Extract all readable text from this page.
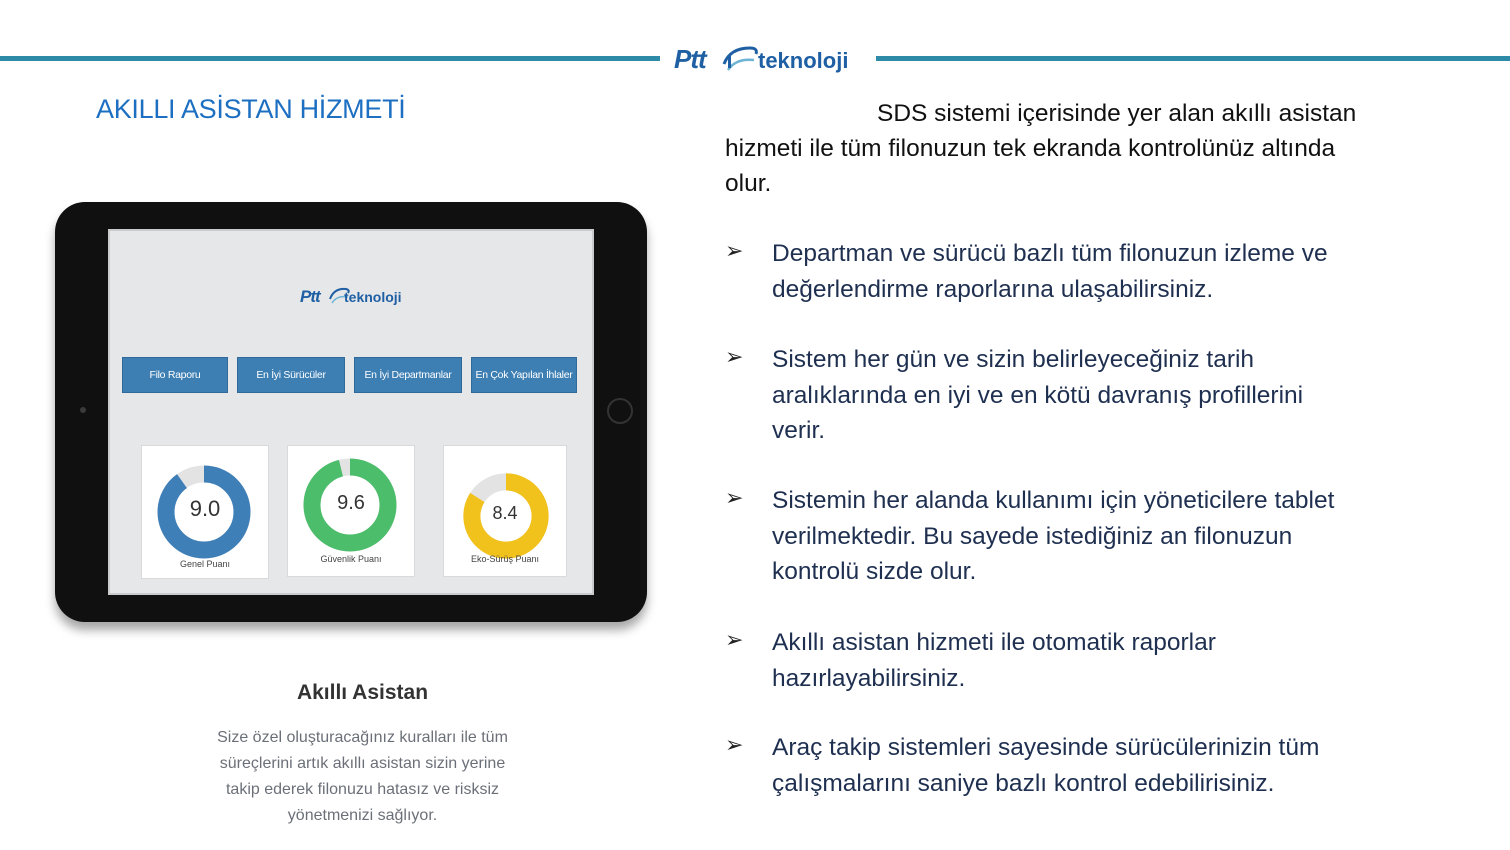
Ptt teknoloji
AKILLI ASİSTAN HİZMETİ
Ptt teknoloji
Filo Raporu	En İyi Sürücüler	En İyi Departmanlar	En Çok Yapılan İhlaler
9.0
Genel Puanı
9.6
Güvenlik Puanı
8.4
Eko-Sürüş Puanı
Akıllı Asistan
Size özel oluşturacağınız kuralları ile tüm
süreçlerini artık akıllı asistan sizin yerine
takip ederek filonuzu hatasız ve risksiz
yönetmenizi sağlıyor.
SDS sistemi içerisinde yer alan akıllı asistan
hizmeti ile tüm filonuzun tek ekranda kontrolünüz altında
olur.
➢ Departman ve sürücü bazlı tüm filonuzun izleme ve
değerlendirme raporlarına ulaşabilirsiniz.
➢ Sistem her gün ve sizin belirleyeceğiniz tarih
aralıklarında en iyi ve en kötü davranış profillerini
verir.
➢ Sistemin her alanda kullanımı için yöneticilere tablet
verilmektedir. Bu sayede istediğiniz an filonuzun
kontrolü sizde olur.
➢ Akıllı asistan hizmeti ile otomatik raporlar
hazırlayabilirsiniz.
➢ Araç takip sistemleri sayesinde sürücülerinizin tüm
çalışmalarını saniye bazlı kontrol edebilirisiniz.
